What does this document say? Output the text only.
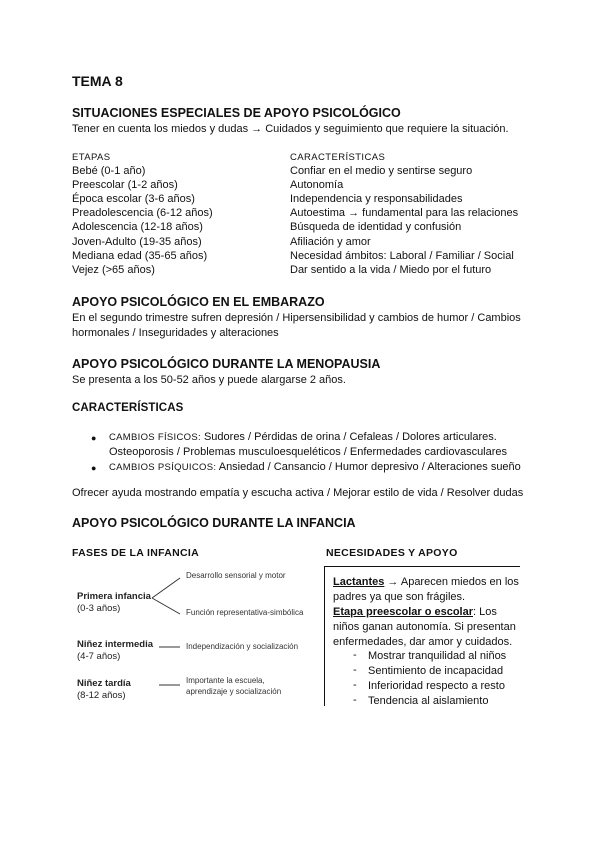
TEMA 8
SITUACIONES ESPECIALES DE APOYO PSICOLÓGICO
Tener en cuenta los miedos y dudas → Cuidados y seguimiento que requiere la situación.
ETAPAS	CARACTERÍSTICAS
Bebé (0-1 año)	Confiar en el medio y sentirse seguro
Preescolar (1-2 años)	Autonomía
Época escolar (3-6 años)	Independencia y responsabilidades
Preadolescencia (6-12 años)	Autoestima → fundamental para las relaciones
Adolescencia (12-18 años)	Búsqueda de identidad y confusión
Joven-Adulto (19-35 años)	Afiliación y amor
Mediana edad (35-65 años)	Necesidad ámbitos: Laboral / Familiar / Social
Vejez (>65 años)	Dar sentido a la vida / Miedo por el futuro
APOYO PSICOLÓGICO EN EL EMBARAZO
En el segundo trimestre sufren depresión / Hipersensibilidad y cambios de humor / Cambios
hormonales / Inseguridades y alteraciones
APOYO PSICOLÓGICO DURANTE LA MENOPAUSIA
Se presenta a los 50-52 años y puede alargarse 2 años.
CARACTERÍSTICAS
● CAMBIOS FÍSICOS: Sudores / Pérdidas de orina / Cefaleas / Dolores articulares.
Osteoporosis / Problemas musculoesqueléticos / Enfermedades cardiovasculares
● CAMBIOS PSÍQUICOS: Ansiedad / Cansancio / Humor depresivo / Alteraciones sueño
Ofrecer ayuda mostrando empatía y escucha activa / Mejorar estilo de vida / Resolver dudas
APOYO PSICOLÓGICO DURANTE LA INFANCIA
FASES DE LA INFANCIA	NECESIDADES Y APOYO
Primera infancia
(0-3 años)
Desarrollo sensorial y motor
Función representativa-simbólica
Niñez intermedia
(4-7 años)
Independización y socialización
Niñez tardía
(8-12 años)
Importante la escuela,
aprendizaje y socialización
Lactantes → Aparecen miedos en los
padres ya que son frágiles.
Etapa preescolar o escolar: Los
niños ganan autonomía. Si presentan
enfermedades, dar amor y cuidados.
- Mostrar tranquilidad al niños
- Sentimiento de incapacidad
- Inferioridad respecto a resto
- Tendencia al aislamiento
